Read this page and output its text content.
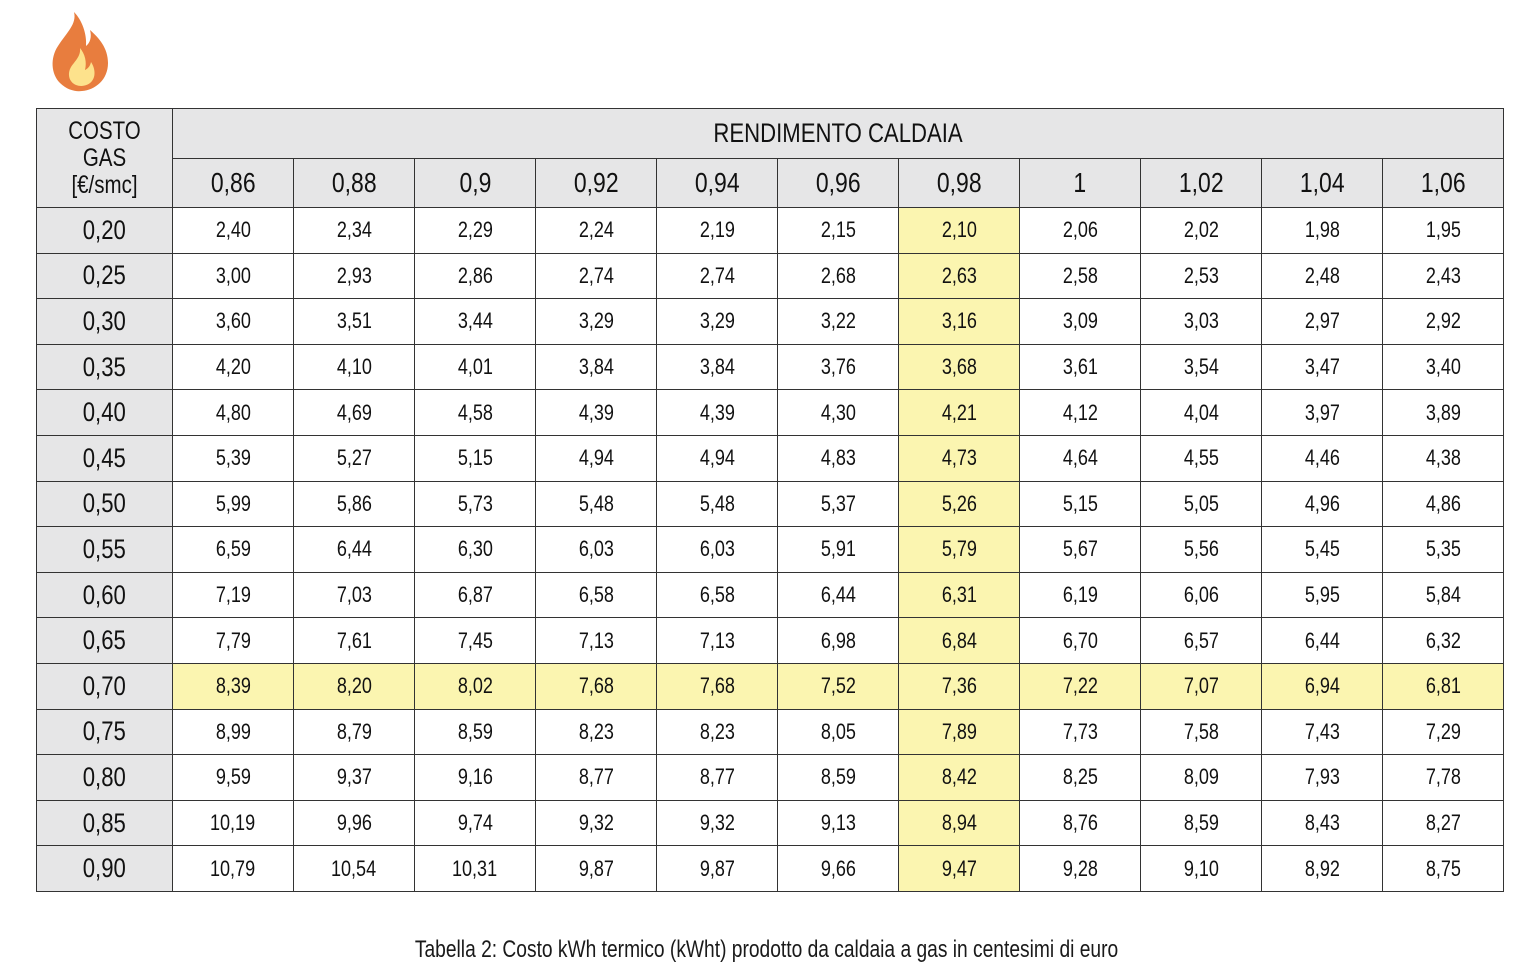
COSTO
GAS
[€/smc]	RENDIMENTO CALDAIA										
	0,86	0,88	0,9	0,92	0,94	0,96	0,98	1	1,02	1,04	1,06
0,20	2,40	2,34	2,29	2,24	2,19	2,15	2,10	2,06	2,02	1,98	1,95
0,25	3,00	2,93	2,86	2,74	2,74	2,68	2,63	2,58	2,53	2,48	2,43
0,30	3,60	3,51	3,44	3,29	3,29	3,22	3,16	3,09	3,03	2,97	2,92
0,35	4,20	4,10	4,01	3,84	3,84	3,76	3,68	3,61	3,54	3,47	3,40
0,40	4,80	4,69	4,58	4,39	4,39	4,30	4,21	4,12	4,04	3,97	3,89
0,45	5,39	5,27	5,15	4,94	4,94	4,83	4,73	4,64	4,55	4,46	4,38
0,50	5,99	5,86	5,73	5,48	5,48	5,37	5,26	5,15	5,05	4,96	4,86
0,55	6,59	6,44	6,30	6,03	6,03	5,91	5,79	5,67	5,56	5,45	5,35
0,60	7,19	7,03	6,87	6,58	6,58	6,44	6,31	6,19	6,06	5,95	5,84
0,65	7,79	7,61	7,45	7,13	7,13	6,98	6,84	6,70	6,57	6,44	6,32
0,70	8,39	8,20	8,02	7,68	7,68	7,52	7,36	7,22	7,07	6,94	6,81
0,75	8,99	8,79	8,59	8,23	8,23	8,05	7,89	7,73	7,58	7,43	7,29
0,80	9,59	9,37	9,16	8,77	8,77	8,59	8,42	8,25	8,09	7,93	7,78
0,85	10,19	9,96	9,74	9,32	9,32	9,13	8,94	8,76	8,59	8,43	8,27
0,90	10,79	10,54	10,31	9,87	9,87	9,66	9,47	9,28	9,10	8,92	8,75
Tabella 2: Costo kWh termico (kWht) prodotto da caldaia a gas in centesimi di euro
